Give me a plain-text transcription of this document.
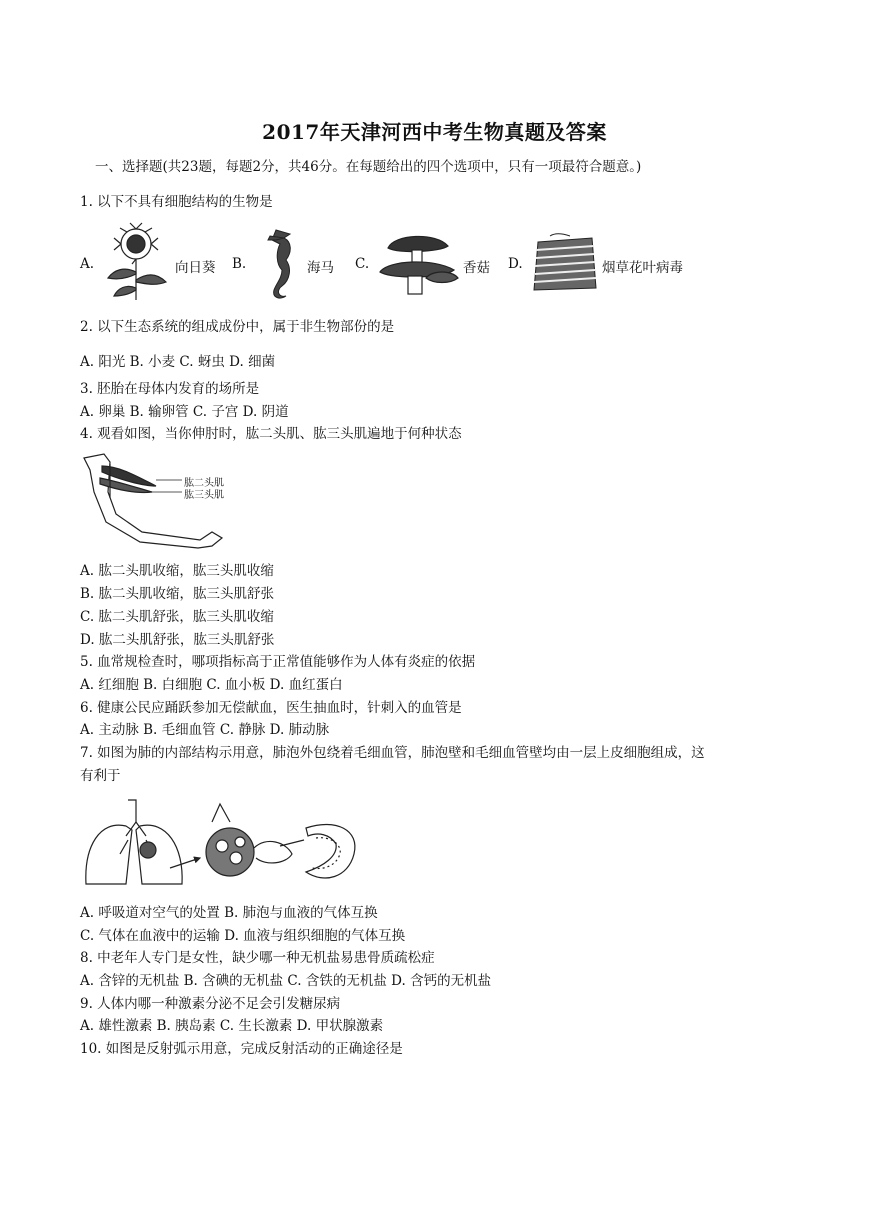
2017年天津河西中考生物真题及答案
一、选择题(共23题，每题2分，共46分。在每题给出的四个选项中，只有一项最符合题意。)
1. 以下不具有细胞结构的生物是
A.	向日葵 B.	海马 C.	香菇 D.	烟草花叶病毒
2. 以下生态系统的组成成份中，属于非生物部份的是
A. 阳光 B. 小麦 C. 蚜虫 D. 细菌
3. 胚胎在母体内发育的场所是
A. 卵巢 B. 输卵管 C. 子宫 D. 阴道
4. 观看如图，当你伸肘时，肱二头肌、肱三头肌遍地于何种状态
肱二头肌
肱三头肌
A. 肱二头肌收缩，肱三头肌收缩
B. 肱二头肌收缩，肱三头肌舒张
C. 肱二头肌舒张，肱三头肌收缩
D. 肱二头肌舒张，肱三头肌舒张
5. 血常规检查时，哪项指标高于正常值能够作为人体有炎症的依据
A. 红细胞 B. 白细胞 C. 血小板 D. 血红蛋白
6. 健康公民应踊跃参加无偿献血，医生抽血时，针刺入的血管是
A. 主动脉 B. 毛细血管 C. 静脉 D. 肺动脉
7. 如图为肺的内部结构示用意，肺泡外包绕着毛细血管，肺泡壁和毛细血管壁均由一层上皮细胞组成，这
有利于
A. 呼吸道对空气的处置 B. 肺泡与血液的气体互换
C. 气体在血液中的运输 D. 血液与组织细胞的气体互换
8. 中老年人专门是女性，缺少哪一种无机盐易患骨质疏松症
A. 含锌的无机盐 B. 含碘的无机盐 C. 含铁的无机盐 D. 含钙的无机盐
9. 人体内哪一种激素分泌不足会引发糖尿病
A. 雄性激素 B. 胰岛素 C. 生长激素 D. 甲状腺激素
10. 如图是反射弧示用意，完成反射活动的正确途径是
